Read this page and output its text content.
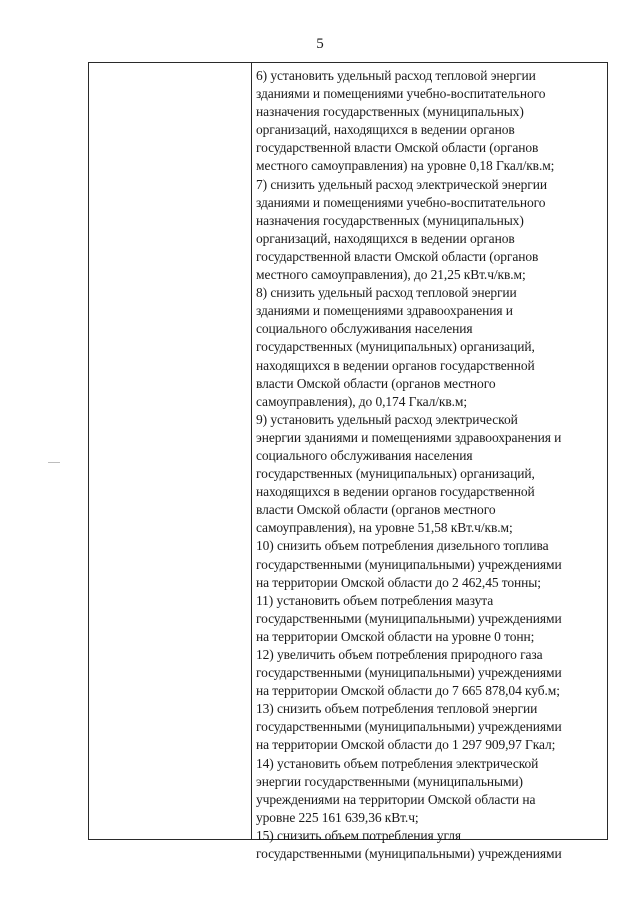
5
6) установить удельный расход тепловой энергии
зданиями и помещениями учебно-воспитательного
назначения государственных (муниципальных)
организаций, находящихся в ведении органов
государственной власти Омской области (органов
местного самоуправления) на уровне 0,18 Гкал/кв.м;
7) снизить удельный расход электрической энергии
зданиями и помещениями учебно-воспитательного
назначения государственных (муниципальных)
организаций, находящихся в ведении органов
государственной власти Омской области (органов
местного самоуправления), до 21,25 кВт.ч/кв.м;
8) снизить удельный расход тепловой энергии
зданиями и помещениями здравоохранения и
социального обслуживания населения
государственных (муниципальных) организаций,
находящихся в ведении органов государственной
власти Омской области (органов местного
самоуправления), до 0,174 Гкал/кв.м;
9) установить удельный расход электрической
энергии зданиями и помещениями здравоохранения и
социального обслуживания населения
государственных (муниципальных) организаций,
находящихся в ведении органов государственной
власти Омской области (органов местного
самоуправления), на уровне 51,58 кВт.ч/кв.м;
10) снизить объем потребления дизельного топлива
государственными (муниципальными) учреждениями
на территории Омской области до 2 462,45 тонны;
11) установить объем потребления мазута
государственными (муниципальными) учреждениями
на территории Омской области на уровне 0 тонн;
12) увеличить объем потребления природного газа
государственными (муниципальными) учреждениями
на территории Омской области до 7 665 878,04 куб.м;
13) снизить объем потребления тепловой энергии
государственными (муниципальными) учреждениями
на территории Омской области до 1 297 909,97 Гкал;
14) установить объем потребления электрической
энергии государственными (муниципальными)
учреждениями на территории Омской области на
уровне 225 161 639,36 кВт.ч;
15) снизить объем потребления угля
государственными (муниципальными) учреждениями
